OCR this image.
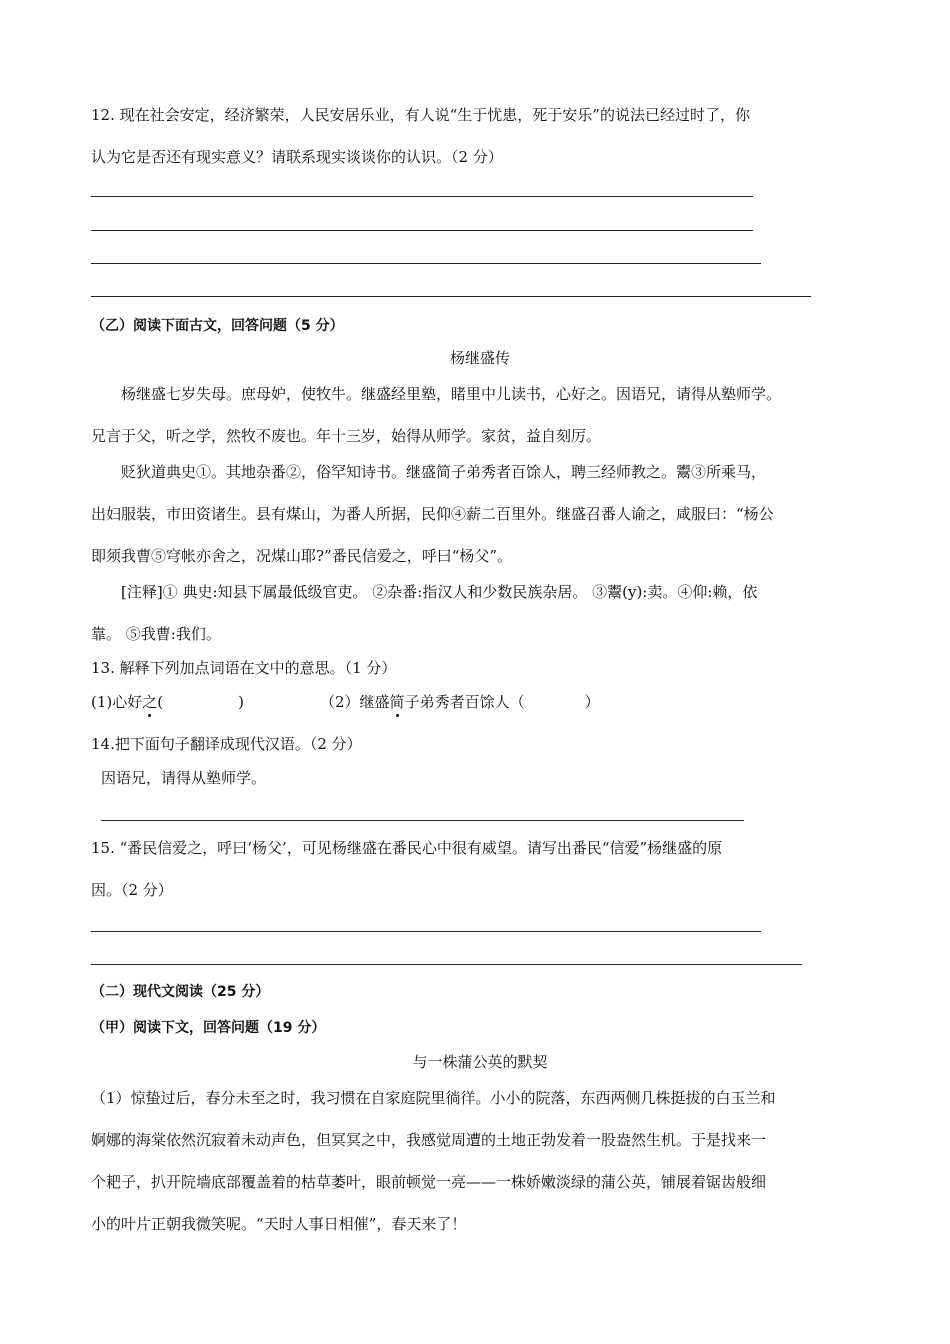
12. 现在社会安定，经济繁荣，人民安居乐业，有人说“生于忧患，死于安乐”的说法已经过时了，你
认为它是否还有现实意义？请联系现实谈谈你的认识。（2 分）
（乙）阅读下面古文，回答问题（5 分）
杨继盛传
杨继盛七岁失母。庶母妒，使牧牛。继盛经里塾，睹里中儿读书，心好之。因语兄，请得从塾师学。
兄言于父，听之学，然牧不废也。年十三岁，始得从师学。家贫，益自刻厉。
贬狄道典史①。其地杂番②，俗罕知诗书。继盛简子弟秀者百馀人，聘三经师教之。鬻③所乘马，
出妇服装，市田资诸生。县有煤山，为番人所据，民仰④薪二百里外。继盛召番人谕之，咸服曰：“杨公
即须我曹⑤穹帐亦舍之，况煤山耶?”番民信爱之，呼曰“杨父”。
[注释]① 典史:知县下属最低级官吏。 ②杂番:指汉人和少数民族杂居。 ③鬻(y):卖。④仰:赖，依
靠。 ⑤我曹:我们。
13. 解释下列加点词语在文中的意思。（1 分）
(1)心好之(　　　　　)	（2）继盛简子弟秀者百馀人（　　　　）
14.把下面句子翻译成现代汉语。（2 分）
因语兄，请得从塾师学。
15. “番民信爱之，呼曰‘杨父’，可见杨继盛在番民心中很有威望。请写出番民“信爱”杨继盛的原
因。（2 分）
（二）现代文阅读（25 分）
（甲）阅读下文，回答问题（19 分）
与一株蒲公英的默契
（1）惊蛰过后，春分未至之时，我习惯在自家庭院里徜徉。小小的院落，东西两侧几株挺拔的白玉兰和
婀娜的海棠依然沉寂着未动声色，但冥冥之中，我感觉周遭的土地正勃发着一股盎然生机。于是找来一
个耙子，扒开院墙底部覆盖着的枯草萎叶，眼前顿觉一亮——一株娇嫩淡绿的蒲公英，铺展着锯齿般细
小的叶片正朝我微笑呢。“天时人事日相催”，春天来了！
